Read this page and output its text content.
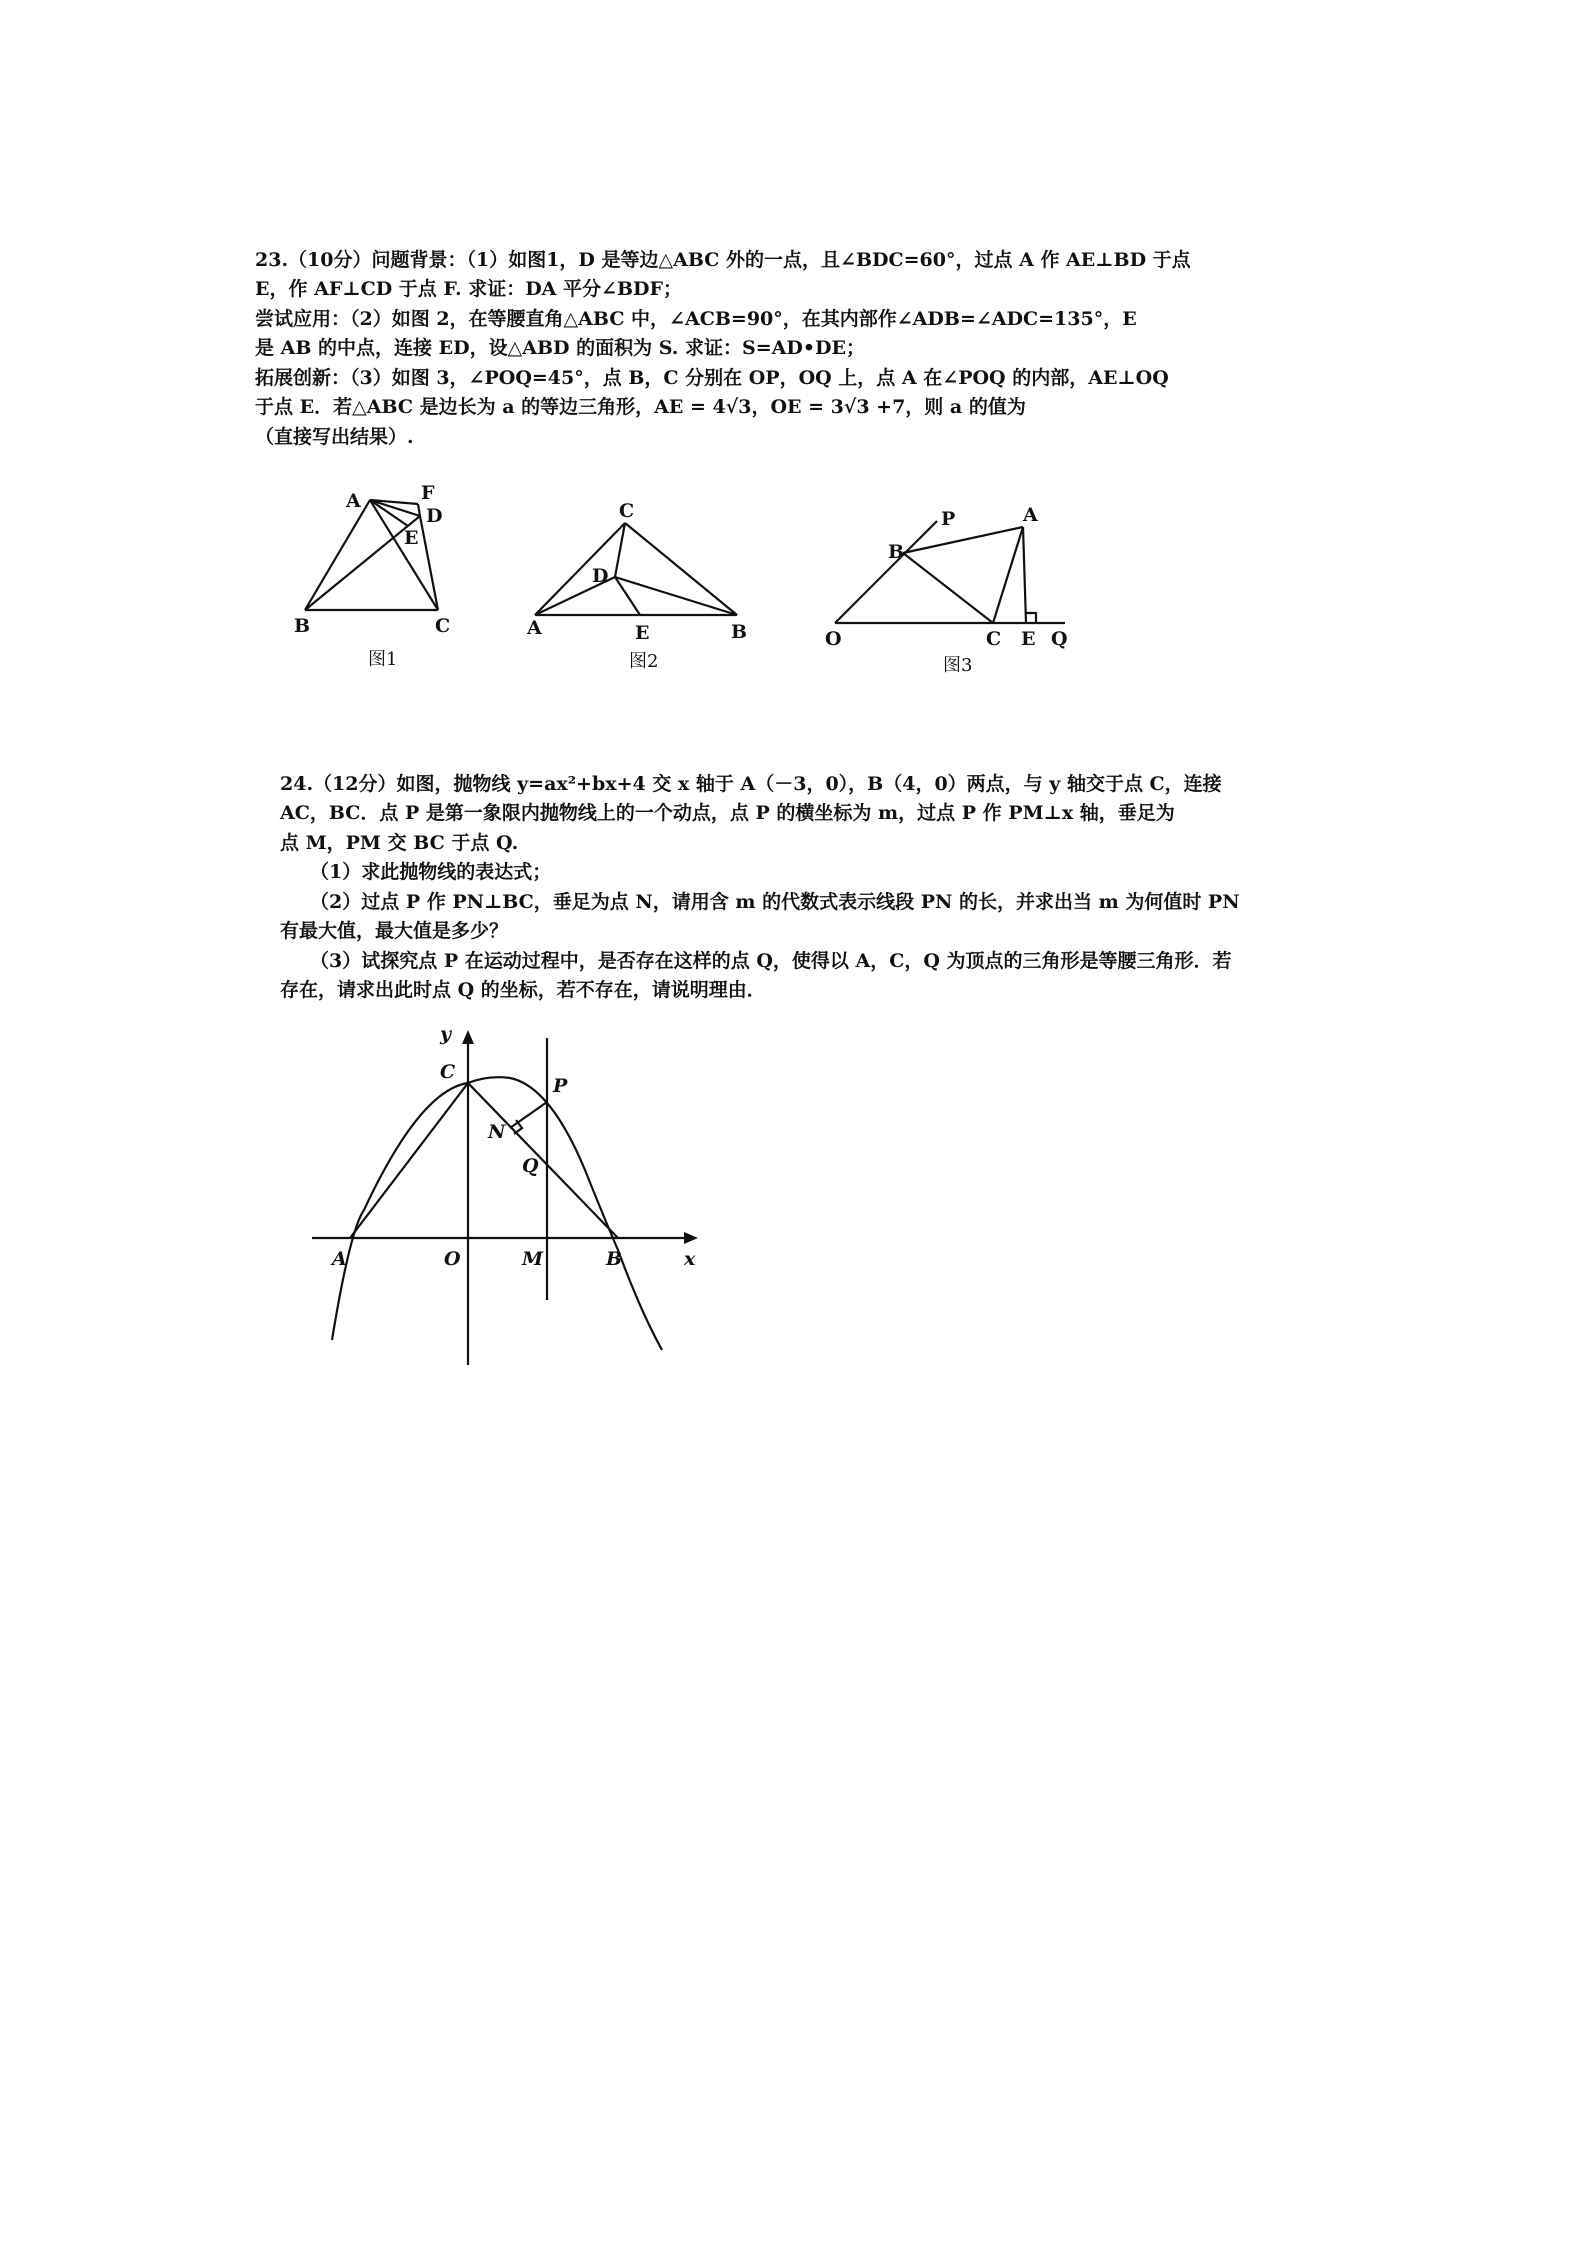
23.（10分）问题背景：（1）如图1，D 是等边△ABC 外的一点，且∠BDC=60°，过点 A 作 AE⊥BD 于点

E，作 AF⊥CD 于点 F. 求证：DA 平分∠BDF；

尝试应用：（2）如图 2，在等腰直角△ABC 中，∠ACB=90°，在其内部作∠ADB=∠ADC=135°，E

是 AB 的中点，连接 ED，设△ABD 的面积为 S. 求证：S=AD•DE；

拓展创新：（3）如图 3，∠POQ=45°，点 B，C 分别在 OP，OQ 上，点 A 在∠POQ 的内部，AE⊥OQ

于点 E．若△ABC 是边长为 a 的等边三角形，AE = 4√3，OE = 3√3 +7，则 a 的值为

（直接写出结果）.

A	F
D
E
B	C
图1
C
D
A	E	B
图2
P	A
B
O	C E Q
图3

24.（12分）如图，抛物线 y=ax²+bx+4 交 x 轴于 A（－3，0），B（4，0）两点，与 y 轴交于点 C，连接

AC，BC．点 P 是第一象限内抛物线上的一个动点，点 P 的横坐标为 m，过点 P 作 PM⊥x 轴，垂足为

点 M，PM 交 BC 于点 Q.

（1）求此抛物线的表达式；

（2）过点 P 作 PN⊥BC，垂足为点 N，请用含 m 的代数式表示线段 PN 的长，并求出当 m 为何值时 PN

有最大值，最大值是多少？

（3）试探究点 P 在运动过程中，是否存在这样的点 Q，使得以 A，C，Q 为顶点的三角形是等腰三角形．若

存在，请求出此时点 Q 的坐标，若不存在，请说明理由．

y
C
P
N
Q
A	O	M	B	x
